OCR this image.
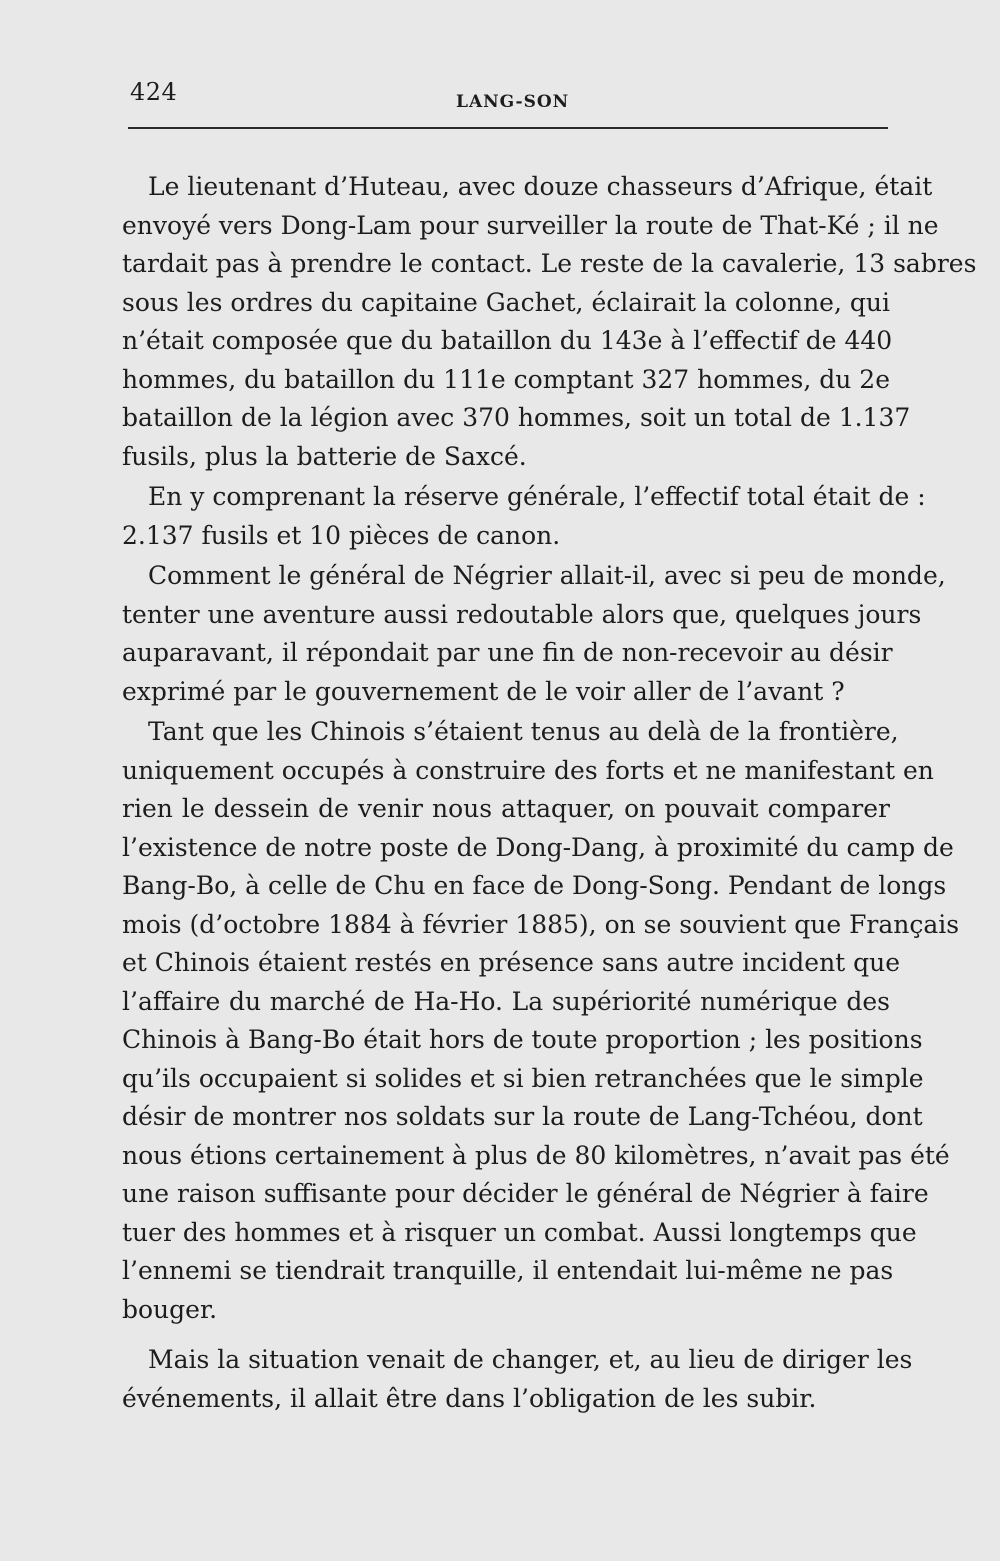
424	LANG-SON

Le lieutenant d’Huteau, avec douze chasseurs d’Afrique, était
envoyé vers Dong-Lam pour surveiller la route de That-Ké ; il ne
tardait pas à prendre le contact. Le reste de la cavalerie, 13 sabres
sous les ordres du capitaine Gachet, éclairait la colonne, qui
n’était composée que du bataillon du 143e à l’effectif de 440
hommes, du bataillon du 111e comptant 327 hommes, du 2e
bataillon de la légion avec 370 hommes, soit un total de 1.137
fusils, plus la batterie de Saxcé.

En y comprenant la réserve générale, l’effectif total était de :
2.137 fusils et 10 pièces de canon.

Comment le général de Négrier allait-il, avec si peu de monde,
tenter une aventure aussi redoutable alors que, quelques jours
auparavant, il répondait par une fin de non-recevoir au désir
exprimé par le gouvernement de le voir aller de l’avant ?

Tant que les Chinois s’étaient tenus au delà de la frontière,
uniquement occupés à construire des forts et ne manifestant en
rien le dessein de venir nous attaquer, on pouvait comparer
l’existence de notre poste de Dong-Dang, à proximité du camp de
Bang-Bo, à celle de Chu en face de Dong-Song. Pendant de longs
mois (d’octobre 1884 à février 1885), on se souvient que Français
et Chinois étaient restés en présence sans autre incident que
l’affaire du marché de Ha-Ho. La supériorité numérique des
Chinois à Bang-Bo était hors de toute proportion ; les positions
qu’ils occupaient si solides et si bien retranchées que le simple
désir de montrer nos soldats sur la route de Lang-Tchéou, dont
nous étions certainement à plus de 80 kilomètres, n’avait pas été
une raison suffisante pour décider le général de Négrier à faire
tuer des hommes et à risquer un combat. Aussi longtemps que
l’ennemi se tiendrait tranquille, il entendait lui-même ne pas
bouger.

Mais la situation venait de changer, et, au lieu de diriger les
événements, il allait être dans l’obligation de les subir.
